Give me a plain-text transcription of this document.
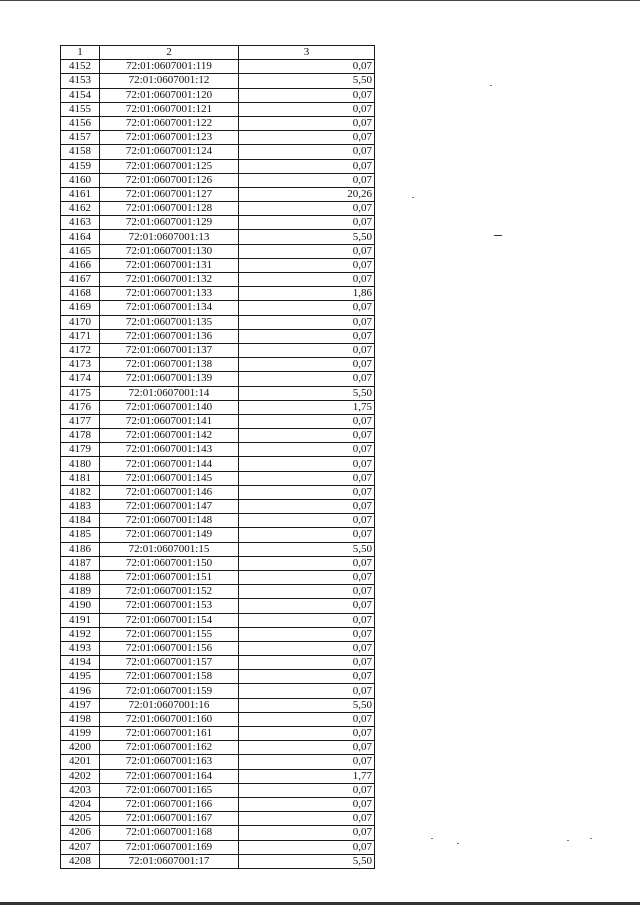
1	2	3
4152	72:01:0607001:119	0,07
4153	72:01:0607001:12	5,50
4154	72:01:0607001:120	0,07
4155	72:01:0607001:121	0,07
4156	72:01:0607001:122	0,07
4157	72:01:0607001:123	0,07
4158	72:01:0607001:124	0,07
4159	72:01:0607001:125	0,07
4160	72:01:0607001:126	0,07
4161	72:01:0607001:127	20,26
4162	72:01:0607001:128	0,07
4163	72:01:0607001:129	0,07
4164	72:01:0607001:13	5,50
4165	72:01:0607001:130	0,07
4166	72:01:0607001:131	0,07
4167	72:01:0607001:132	0,07
4168	72:01:0607001:133	1,86
4169	72:01:0607001:134	0,07
4170	72:01:0607001:135	0,07
4171	72:01:0607001:136	0,07
4172	72:01:0607001:137	0,07
4173	72:01:0607001:138	0,07
4174	72:01:0607001:139	0,07
4175	72:01:0607001:14	5,50
4176	72:01:0607001:140	1,75
4177	72:01:0607001:141	0,07
4178	72:01:0607001:142	0,07
4179	72:01:0607001:143	0,07
4180	72:01:0607001:144	0,07
4181	72:01:0607001:145	0,07
4182	72:01:0607001:146	0,07
4183	72:01:0607001:147	0,07
4184	72:01:0607001:148	0,07
4185	72:01:0607001:149	0,07
4186	72:01:0607001:15	5,50
4187	72:01:0607001:150	0,07
4188	72:01:0607001:151	0,07
4189	72:01:0607001:152	0,07
4190	72:01:0607001:153	0,07
4191	72:01:0607001:154	0,07
4192	72:01:0607001:155	0,07
4193	72:01:0607001:156	0,07
4194	72:01:0607001:157	0,07
4195	72:01:0607001:158	0,07
4196	72:01:0607001:159	0,07
4197	72:01:0607001:16	5,50
4198	72:01:0607001:160	0,07
4199	72:01:0607001:161	0,07
4200	72:01:0607001:162	0,07
4201	72:01:0607001:163	0,07
4202	72:01:0607001:164	1,77
4203	72:01:0607001:165	0,07
4204	72:01:0607001:166	0,07
4205	72:01:0607001:167	0,07
4206	72:01:0607001:168	0,07
4207	72:01:0607001:169	0,07
4208	72:01:0607001:17	5,50
